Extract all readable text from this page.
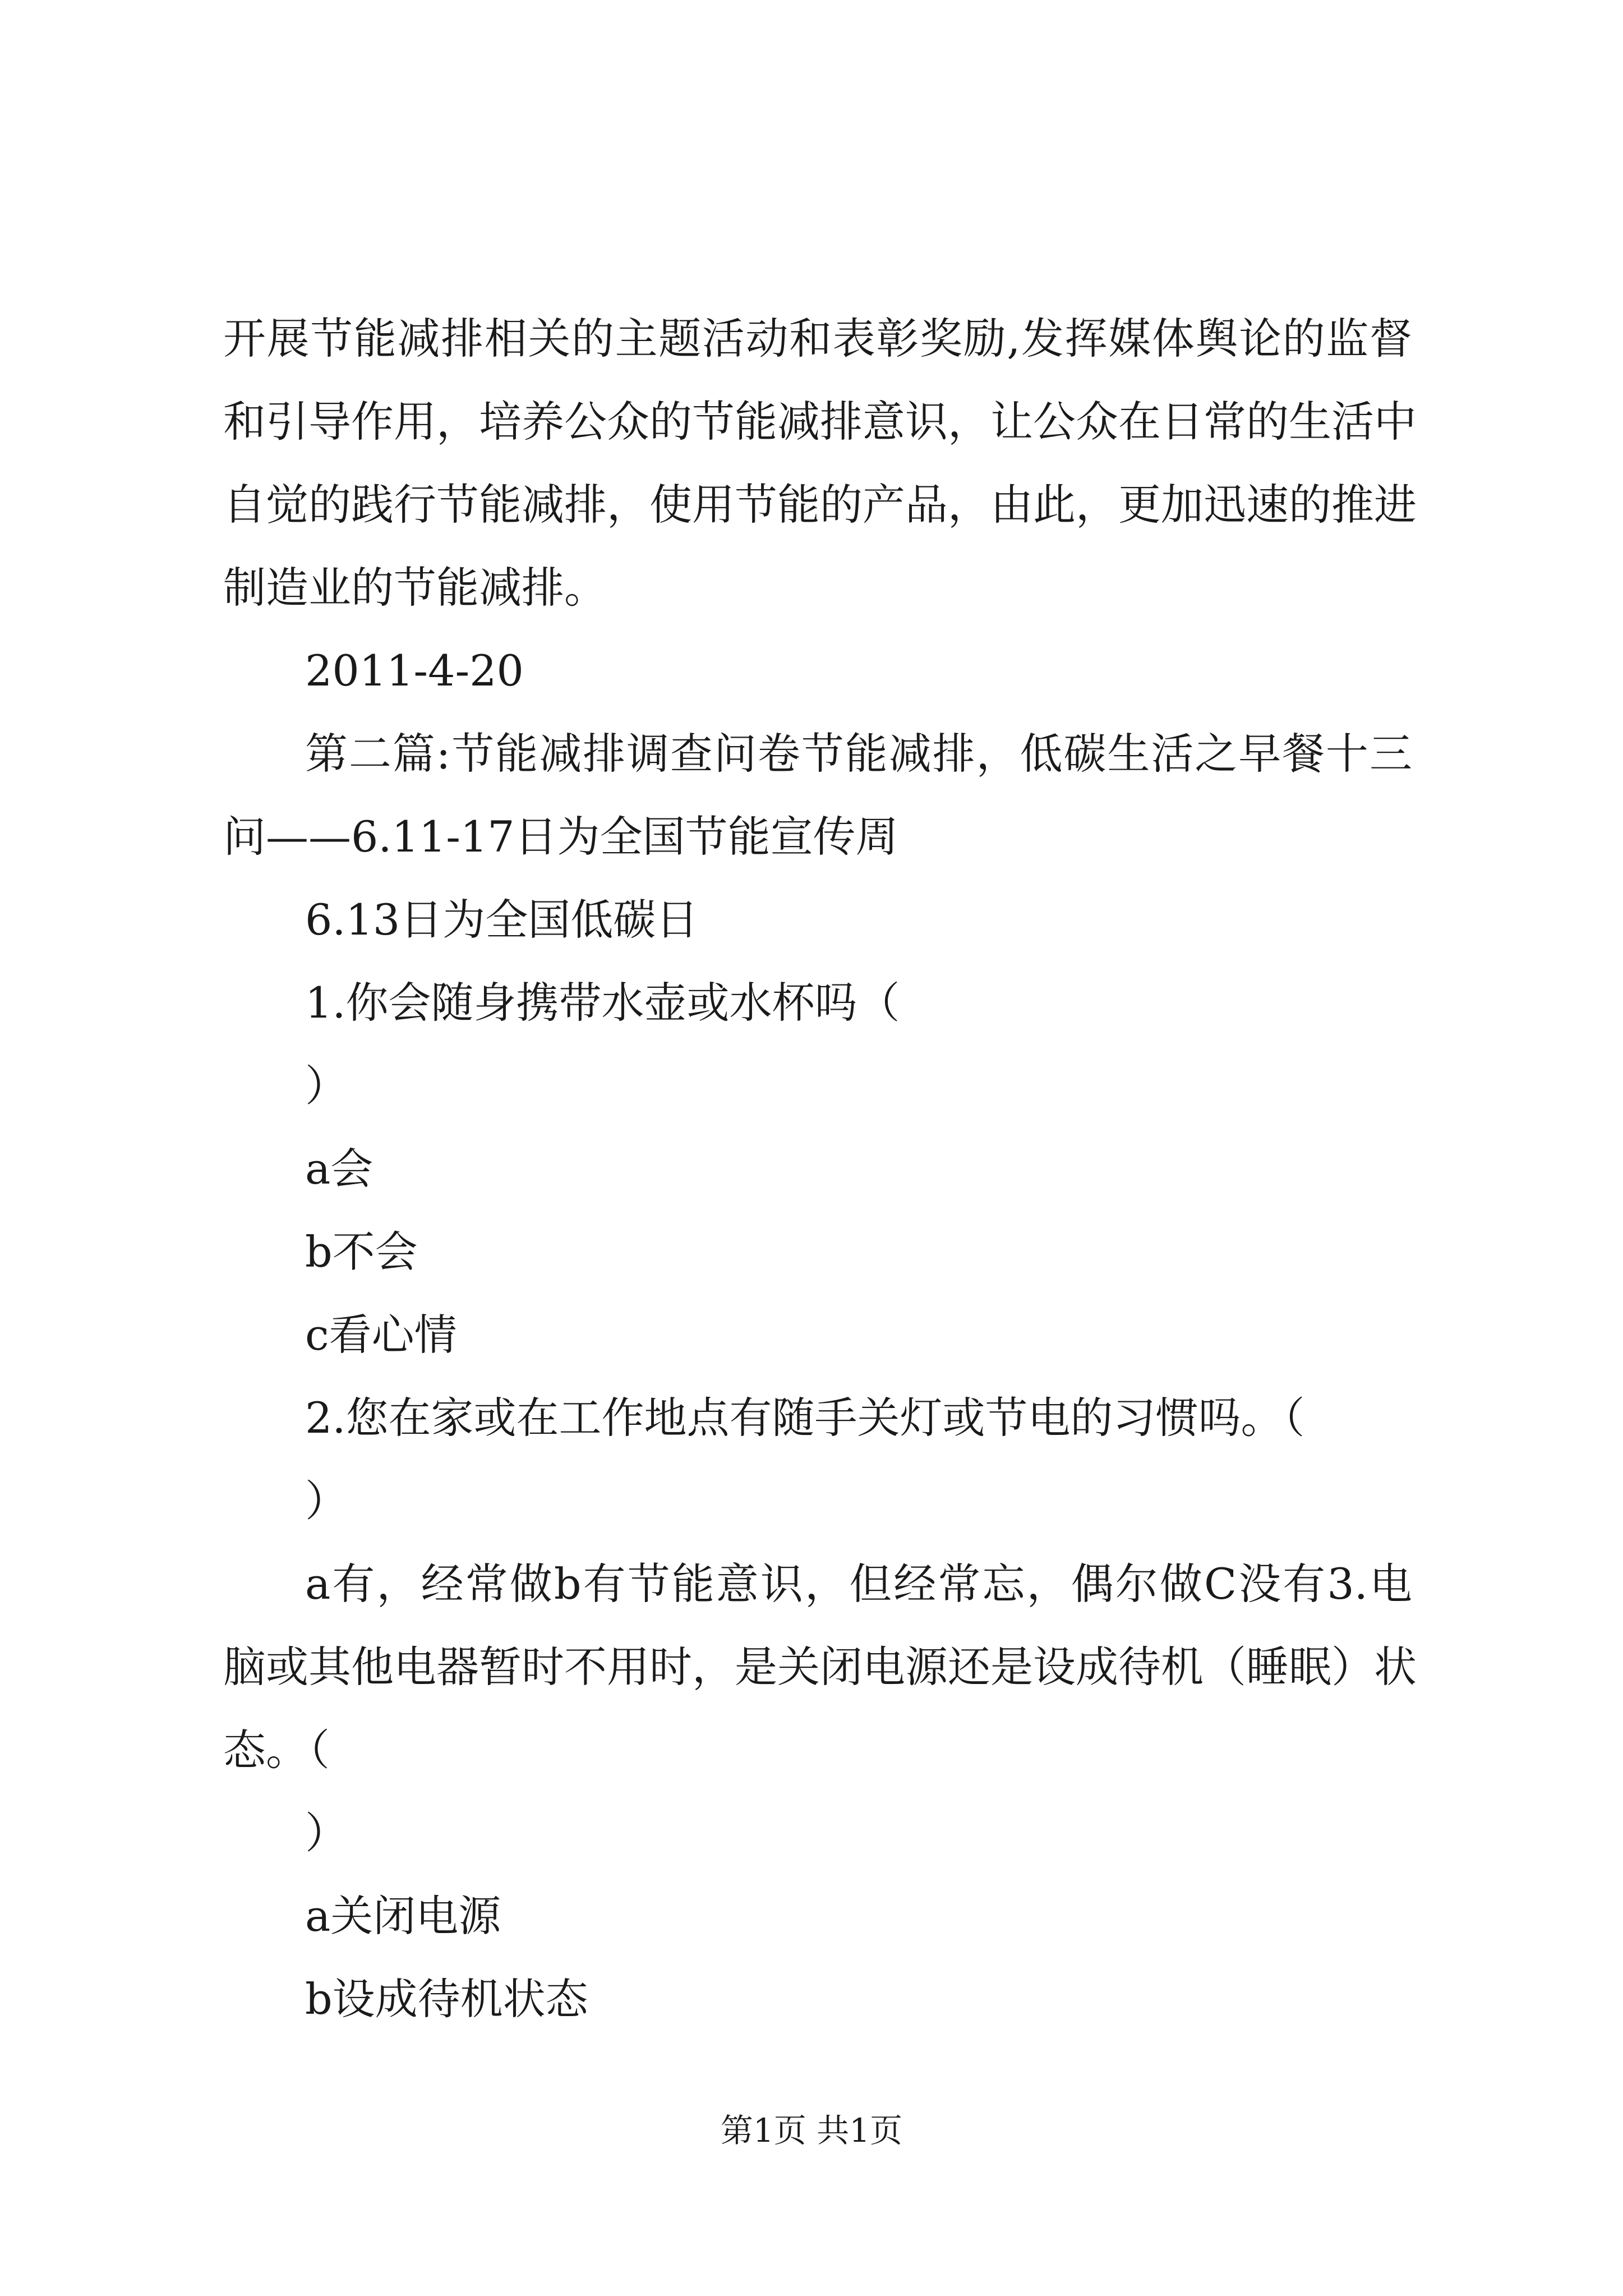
开展节能减排相关的主题活动和表彰奖励,发挥媒体舆论的监督

和引导作用，培养公众的节能减排意识，让公众在日常的生活中

自觉的践行节能减排，使用节能的产品，由此，更加迅速的推进

制造业的节能减排。

2011-4-20

第二篇:节能减排调查问卷节能减排，低碳生活之早餐十三

问——6.11-17日为全国节能宣传周

6.13日为全国低碳日

1.你会随身携带水壶或水杯吗（

）

a会

b不会

c看心情

2.您在家或在工作地点有随手关灯或节电的习惯吗。（

）

a有，经常做b有节能意识，但经常忘，偶尔做C没有3.电

脑或其他电器暂时不用时，是关闭电源还是设成待机（睡眠）状

态。（

）

a关闭电源

b设成待机状态

第1页 共1页
